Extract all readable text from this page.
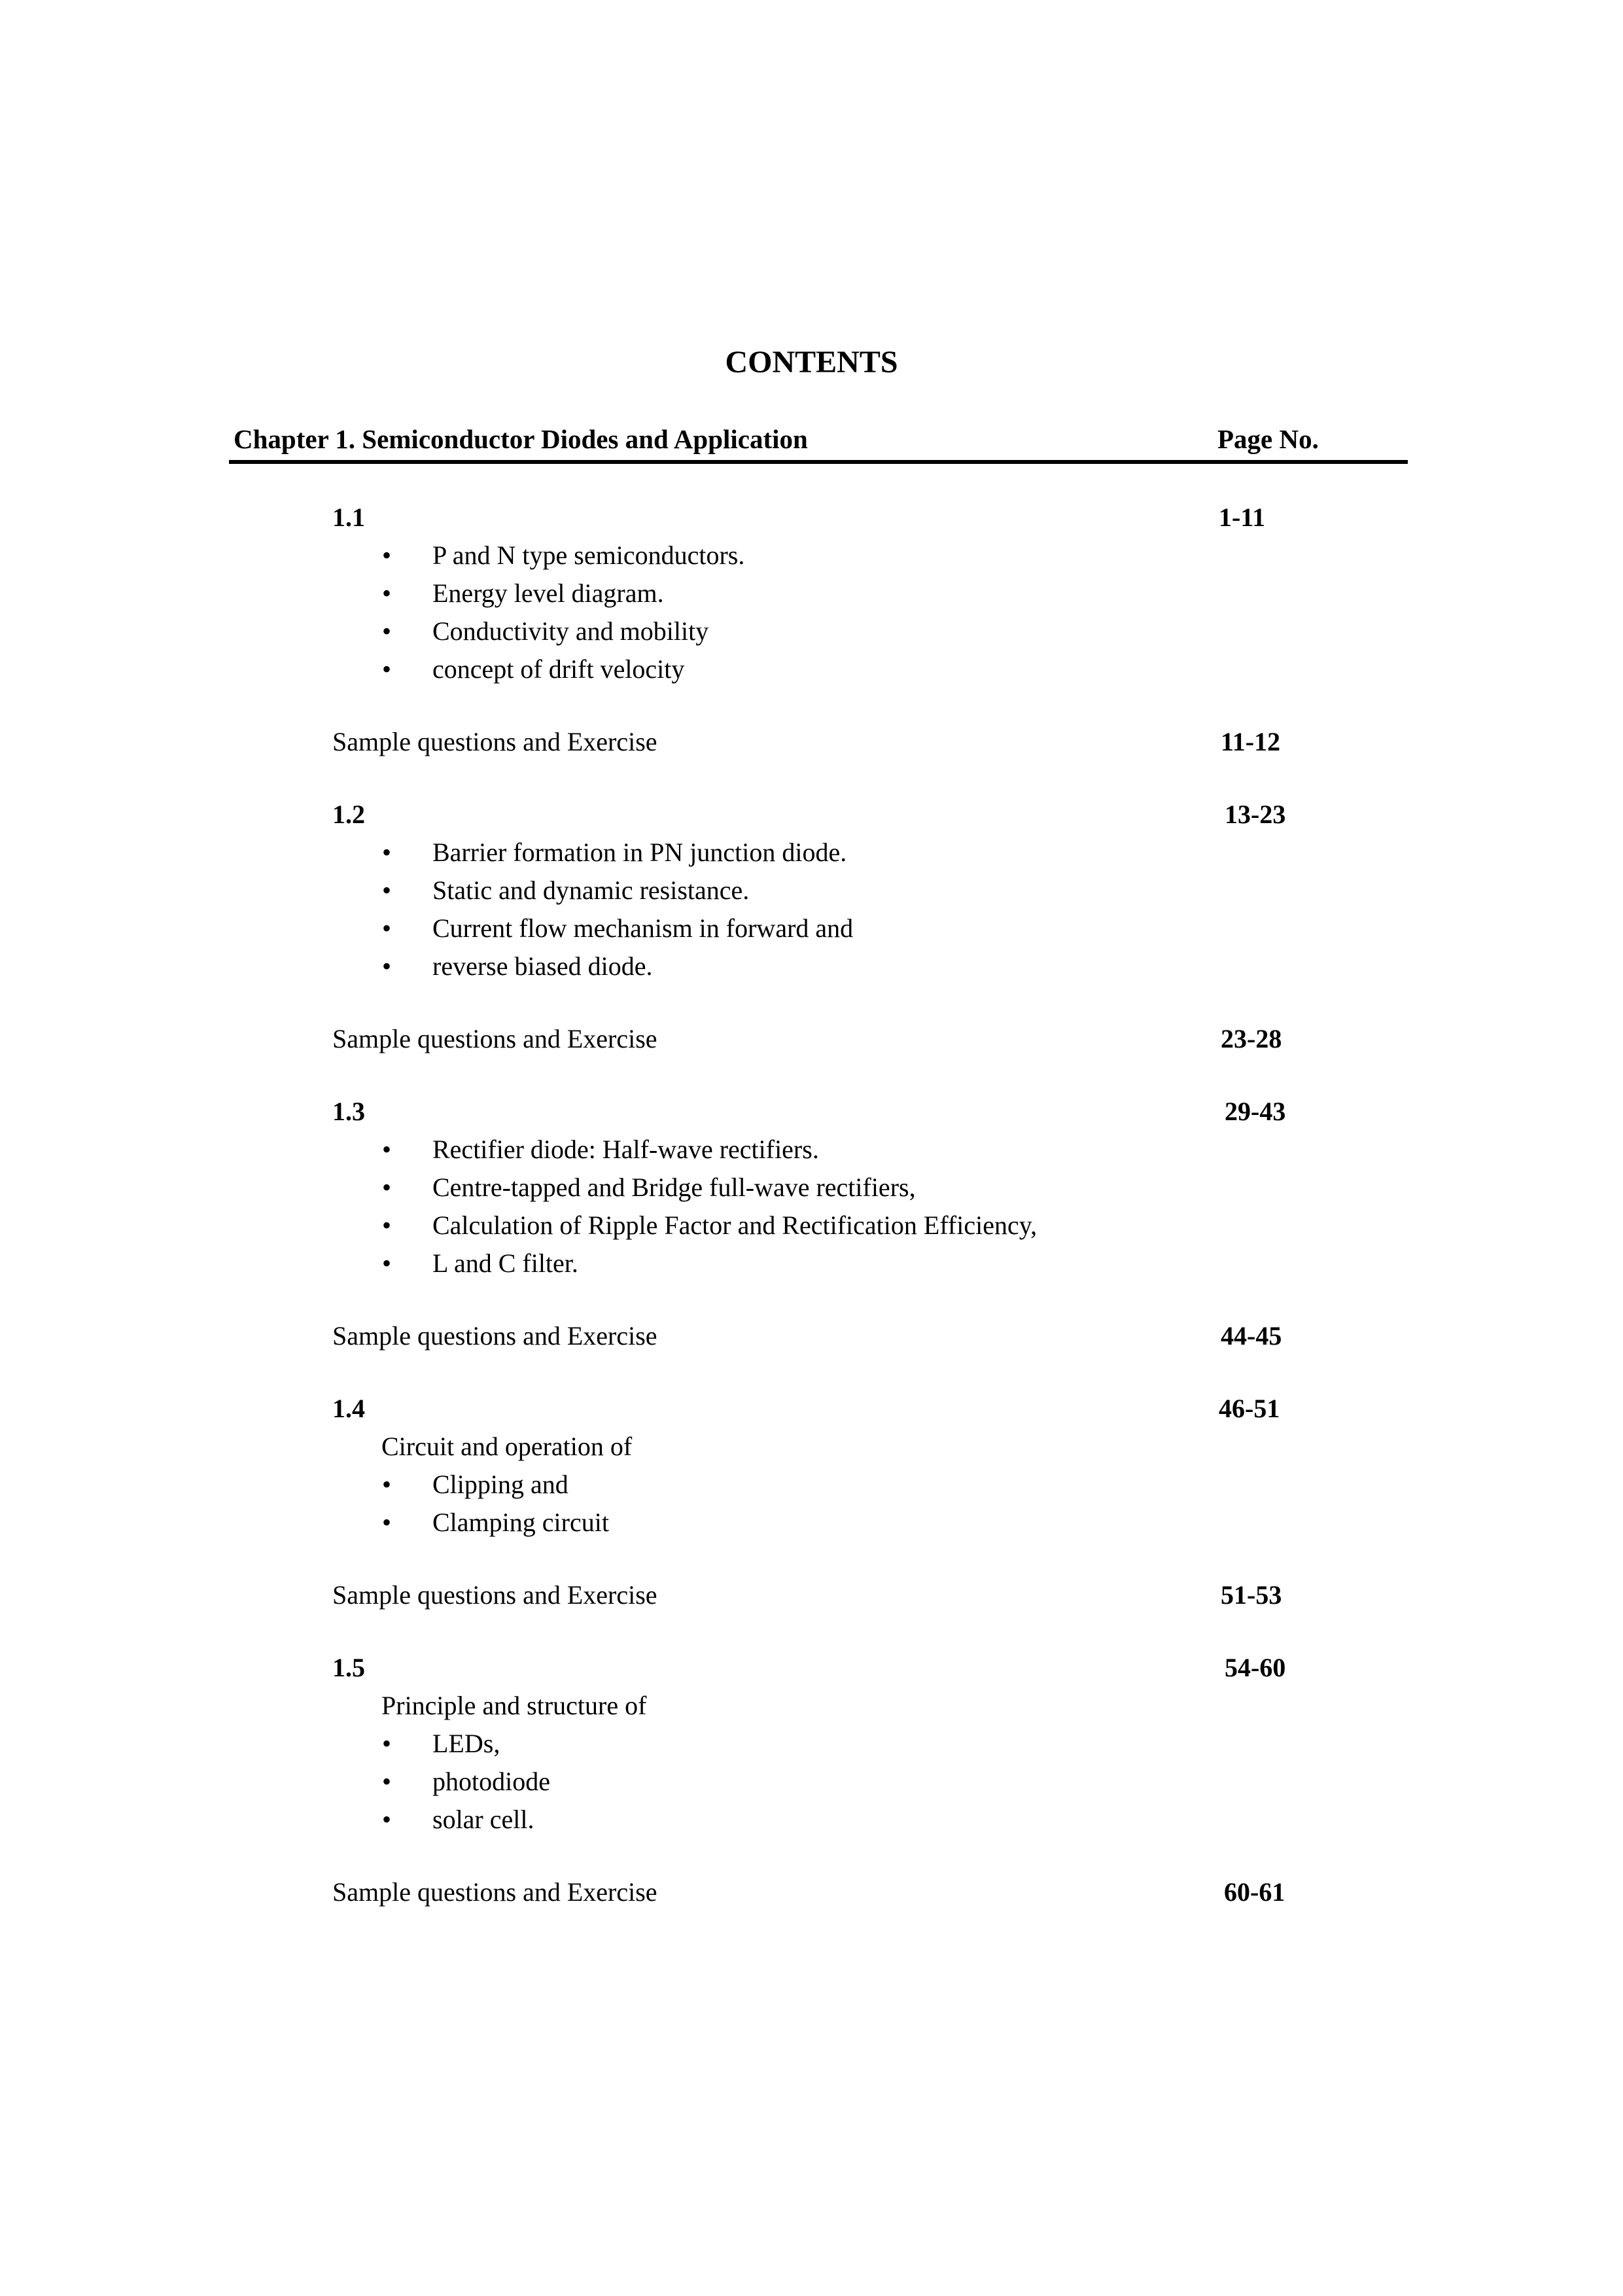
CONTENTS
Chapter 1. Semiconductor Diodes and Application	Page No.
1.1	1-11
• P and N type semiconductors.
• Energy level diagram.
• Conductivity and mobility
• concept of drift velocity
Sample questions and Exercise	11-12
1.2	13-23
• Barrier formation in PN junction diode.
• Static and dynamic resistance.
• Current flow mechanism in forward and
• reverse biased diode.
Sample questions and Exercise	23-28
1.3	29-43
• Rectifier diode: Half-wave rectifiers.
• Centre-tapped and Bridge full-wave rectifiers,
• Calculation of Ripple Factor and Rectification Efficiency,
• L and C filter.
Sample questions and Exercise	44-45
1.4	46-51
Circuit and operation of
• Clipping and
• Clamping circuit
Sample questions and Exercise	51-53
1.5	54-60
Principle and structure of
• LEDs,
• photodiode
• solar cell.
Sample questions and Exercise	60-61
